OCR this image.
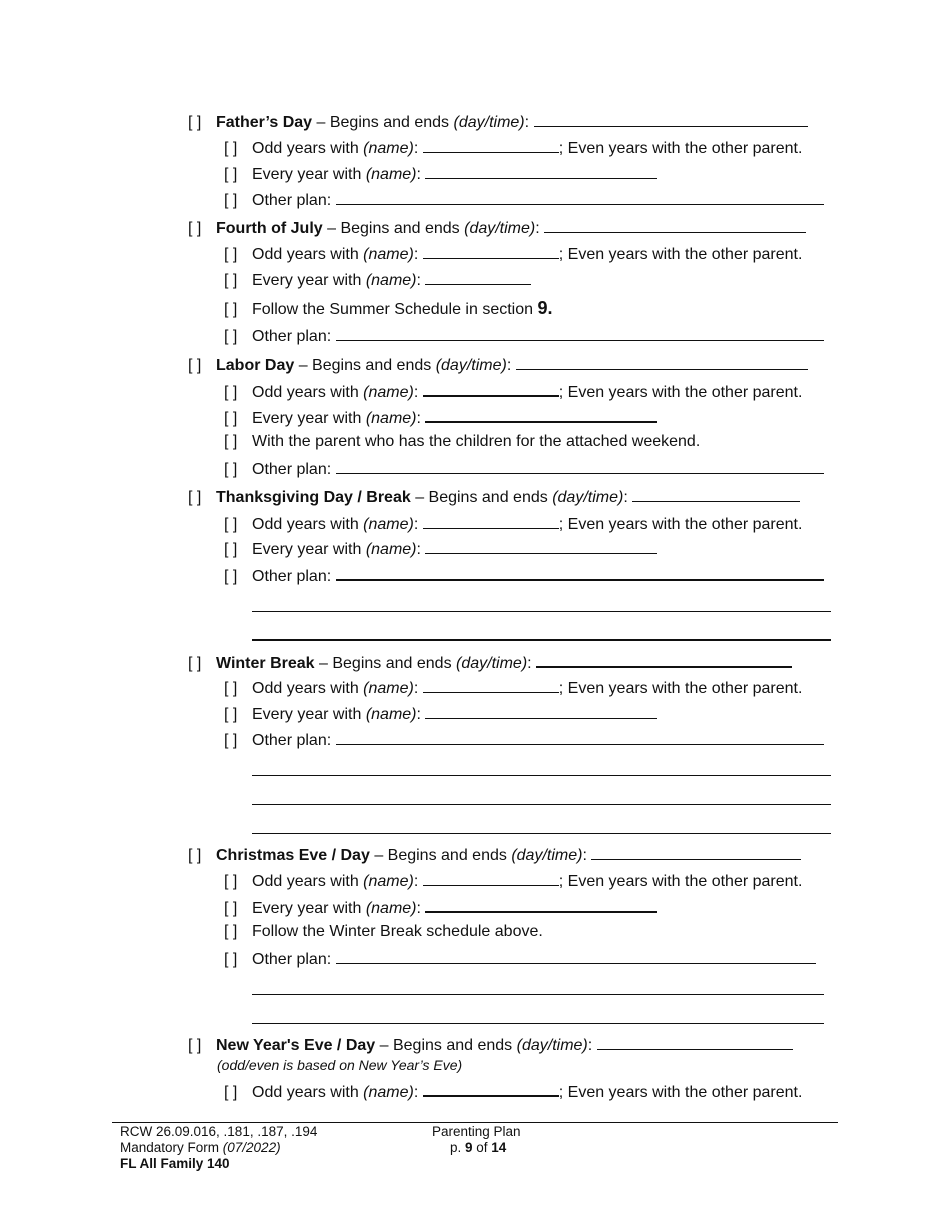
[ ] Father’s Day – Begins and ends (day/time):
[ ] Odd years with (name):	; Even years with the other parent.
[ ] Every year with (name):
[ ] Other plan:
[ ] Fourth of July – Begins and ends (day/time):
[ ] Odd years with (name):	; Even years with the other parent.
[ ] Every year with (name):
[ ] Follow the Summer Schedule in section 9.
[ ] Other plan:
[ ] Labor Day – Begins and ends (day/time):
[ ] Odd years with (name):	; Even years with the other parent.
[ ] Every year with (name):
[ ] With the parent who has the children for the attached weekend.
[ ] Other plan:
[ ] Thanksgiving Day / Break – Begins and ends (day/time):
[ ] Odd years with (name):	; Even years with the other parent.
[ ] Every year with (name):
[ ] Other plan:
[ ] Winter Break – Begins and ends (day/time):
[ ] Odd years with (name):	; Even years with the other parent.
[ ] Every year with (name):
[ ] Other plan:
[ ] Christmas Eve / Day – Begins and ends (day/time):
[ ] Odd years with (name):	; Even years with the other parent.
[ ] Every year with (name):
[ ] Follow the Winter Break schedule above.
[ ] Other plan:
[ ] New Year's Eve / Day – Begins and ends (day/time):
(odd/even is based on New Year’s Eve)
[ ] Odd years with (name):	; Even years with the other parent.
RCW 26.09.016, .181, .187, .194
Mandatory Form (07/2022)
FL All Family 140
Parenting Plan
p. 9 of 14
